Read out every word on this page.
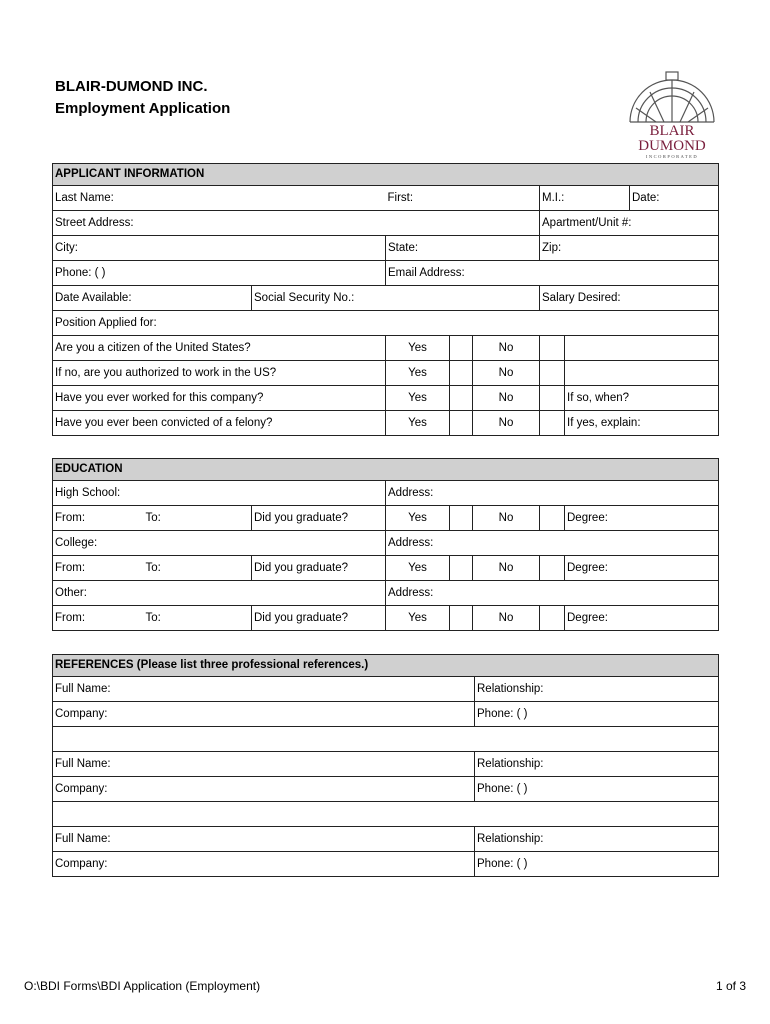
BLAIR-DUMOND INC.
Employment Application
BLAIR
DUMOND
INCORPORATED
APPLICANT INFORMATION							
Last Name:		First:			M.I.:		Date:
Street Address:					Apartment/Unit #:		
City:		State:			Zip:		
Phone: ( )		Email Address:					
Date Available:	Social Security No.:				Salary Desired:		
Position Applied for:							
Are you a citizen of the United States?		Yes		No			
If no, are you authorized to work in the US?		Yes		No			
Have you ever worked for this company?		Yes		No		If so, when?	
Have you ever been convicted of a felony?		Yes		No		If yes, explain:	
EDUCATION							
High School:			Address:				
From:	To:	Did you graduate?	Yes		No		Degree:
College:			Address:				
From:	To:	Did you graduate?	Yes		No		Degree:
Other:			Address:				
From:	To:	Did you graduate?	Yes		No		Degree:
REFERENCES (Please list three professional references.)	
Full Name:	Relationship:
Company:	Phone: ( )

Full Name:	Relationship:
Company:	Phone: ( )

Full Name:	Relationship:
Company:	Phone: ( )
O:\BDI Forms\BDI Application (Employment)	1 of 3
